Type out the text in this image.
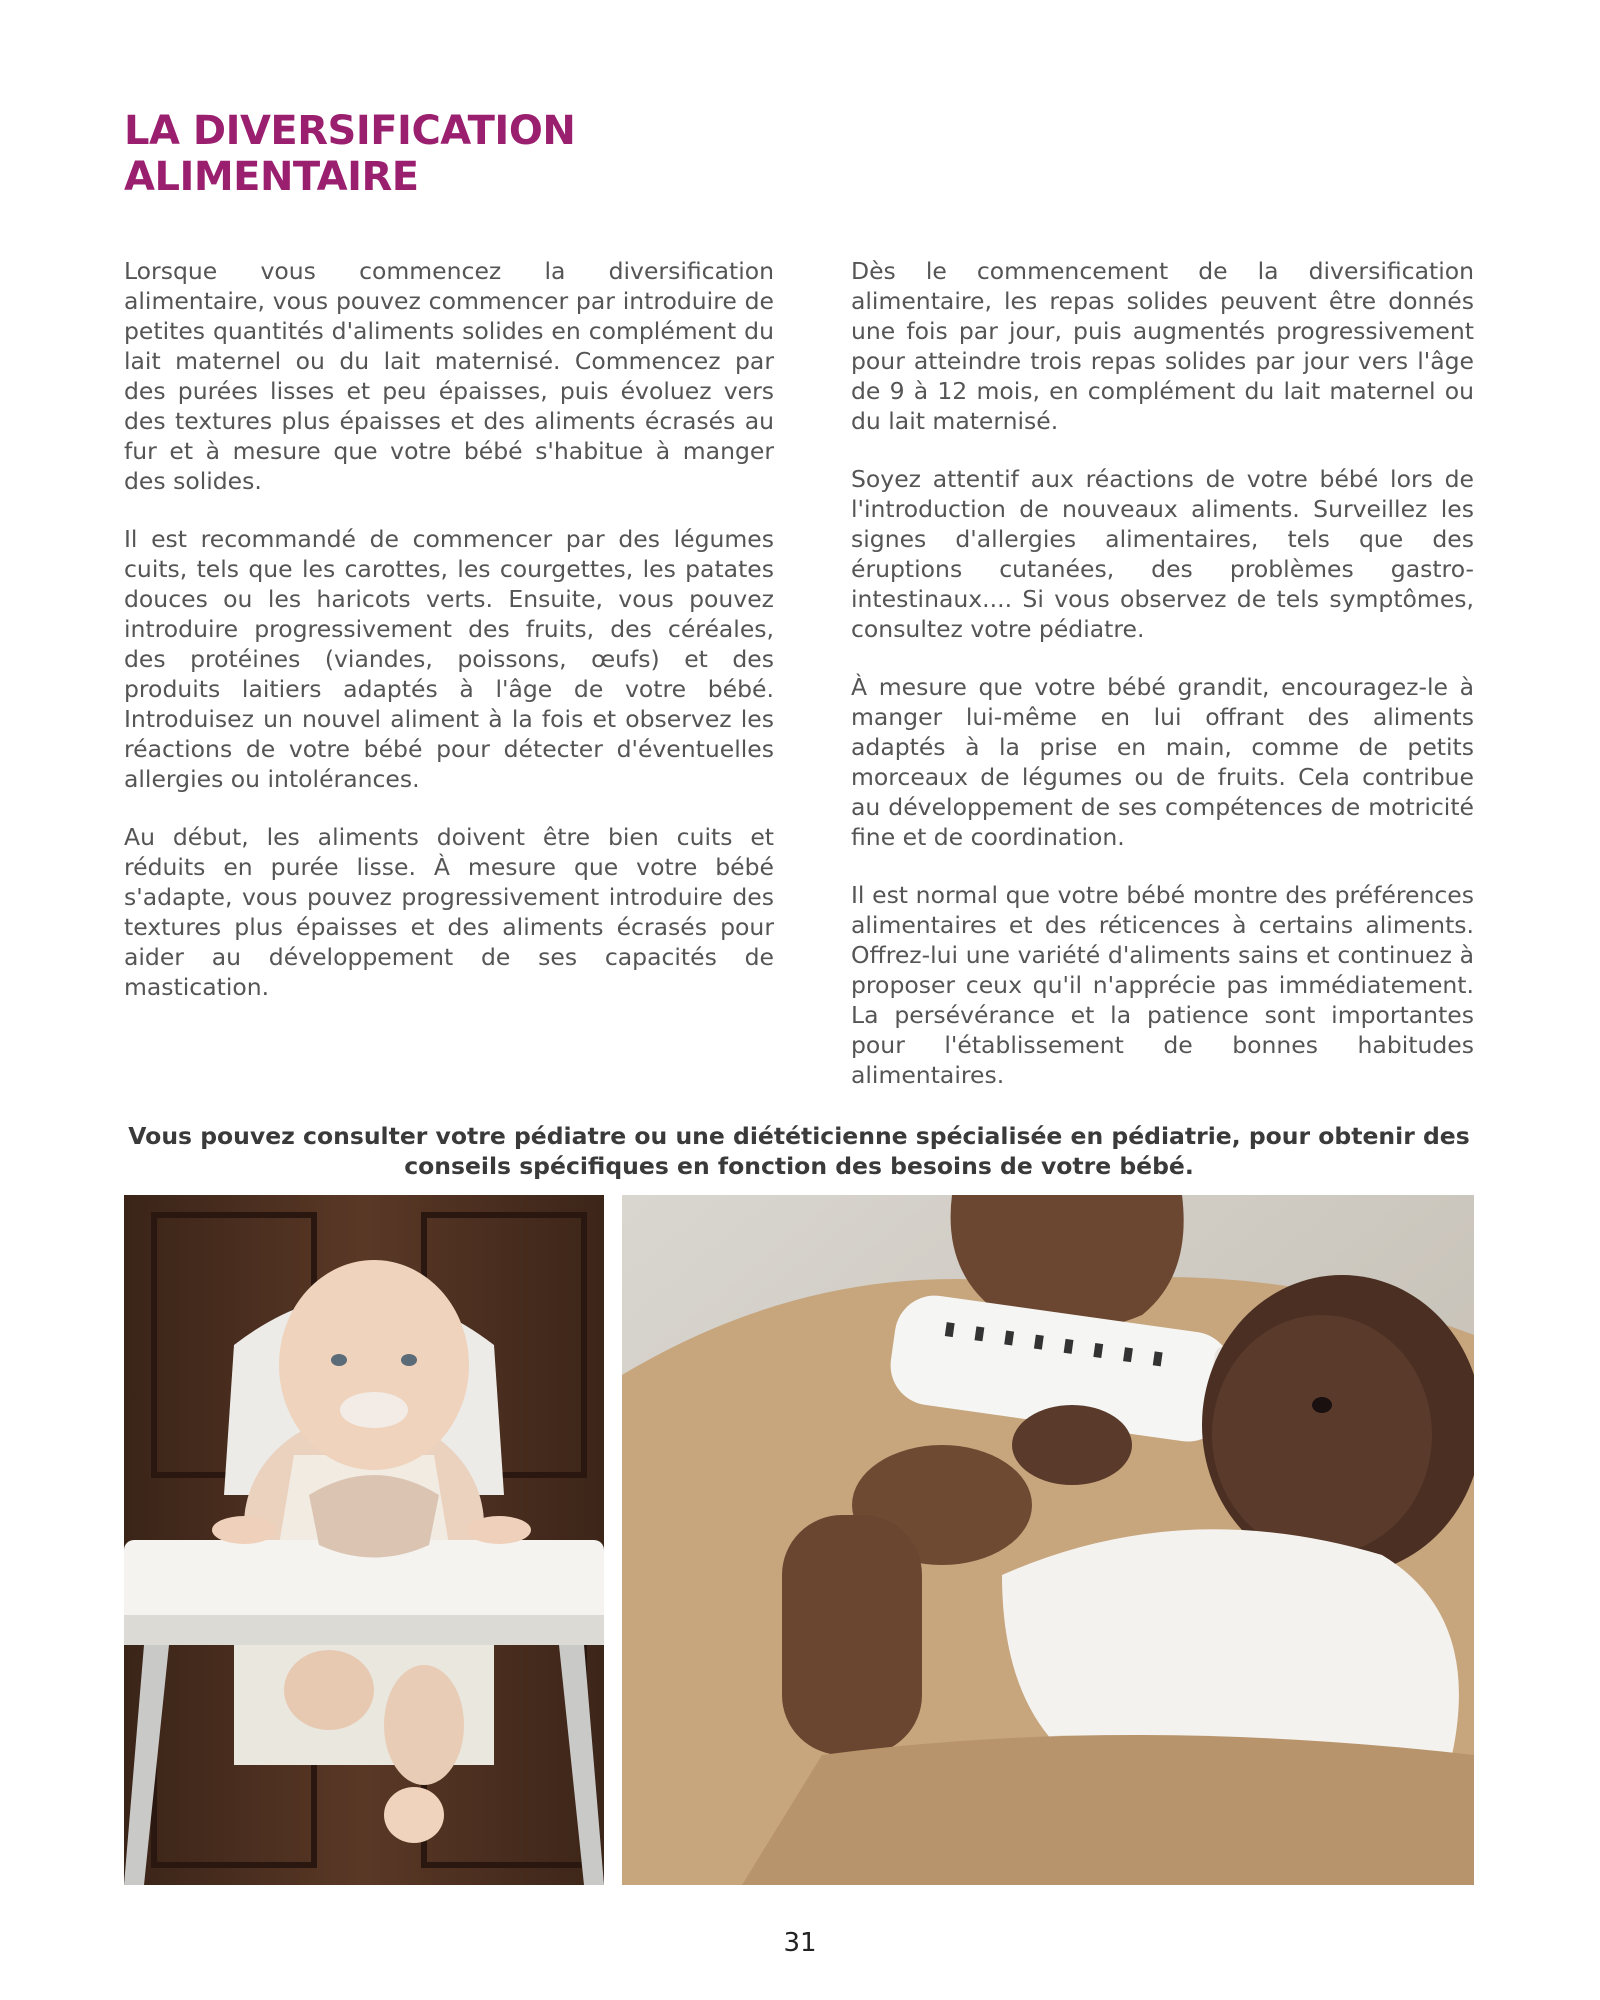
LA DIVERSIFICATION
ALIMENTAIRE

Lorsque vous commencez la diversification alimentaire, vous pouvez commencer par introduire de petites quantités d'aliments solides en complément du lait maternel ou du lait maternisé. Commencez par des purées lisses et peu épaisses, puis évoluez vers des textures plus épaisses et des aliments écrasés au fur et à mesure que votre bébé s'habitue à manger des solides.

Il est recommandé de commencer par des légumes cuits, tels que les carottes, les courgettes, les patates douces ou les haricots verts. Ensuite, vous pouvez introduire progressivement des fruits, des céréales, des protéines (viandes, poissons, œufs) et des produits laitiers adaptés à l'âge de votre bébé. Introduisez un nouvel aliment à la fois et observez les réactions de votre bébé pour détecter d'éventuelles allergies ou intolérances.

Au début, les aliments doivent être bien cuits et réduits en purée lisse. À mesure que votre bébé s'adapte, vous pouvez progressivement introduire des textures plus épaisses et des aliments écrasés pour aider au développement de ses capacités de mastication.

Dès le commencement de la diversification alimentaire, les repas solides peuvent être donnés une fois par jour, puis augmentés progressivement pour atteindre trois repas solides par jour vers l'âge de 9 à 12 mois, en complément du lait maternel ou du lait maternisé.

Soyez attentif aux réactions de votre bébé lors de l'introduction de nouveaux aliments. Surveillez les signes d'allergies alimentaires, tels que des éruptions cutanées, des problèmes gastro-intestinaux.... Si vous observez de tels symptômes, consultez votre pédiatre.

À mesure que votre bébé grandit, encouragez-le à manger lui-même en lui offrant des aliments adaptés à la prise en main, comme de petits morceaux de légumes ou de fruits. Cela contribue au développement de ses compétences de motricité fine et de coordination.

Il est normal que votre bébé montre des préférences alimentaires et des réticences à certains aliments. Offrez-lui une variété d'aliments sains et continuez à proposer ceux qu'il n'apprécie pas immédiatement. La persévérance et la patience sont importantes pour l'établissement de bonnes habitudes alimentaires.

Vous pouvez consulter votre pédiatre ou une diététicienne spécialisée en pédiatrie, pour obtenir des conseils spécifiques en fonction des besoins de votre bébé.

31
